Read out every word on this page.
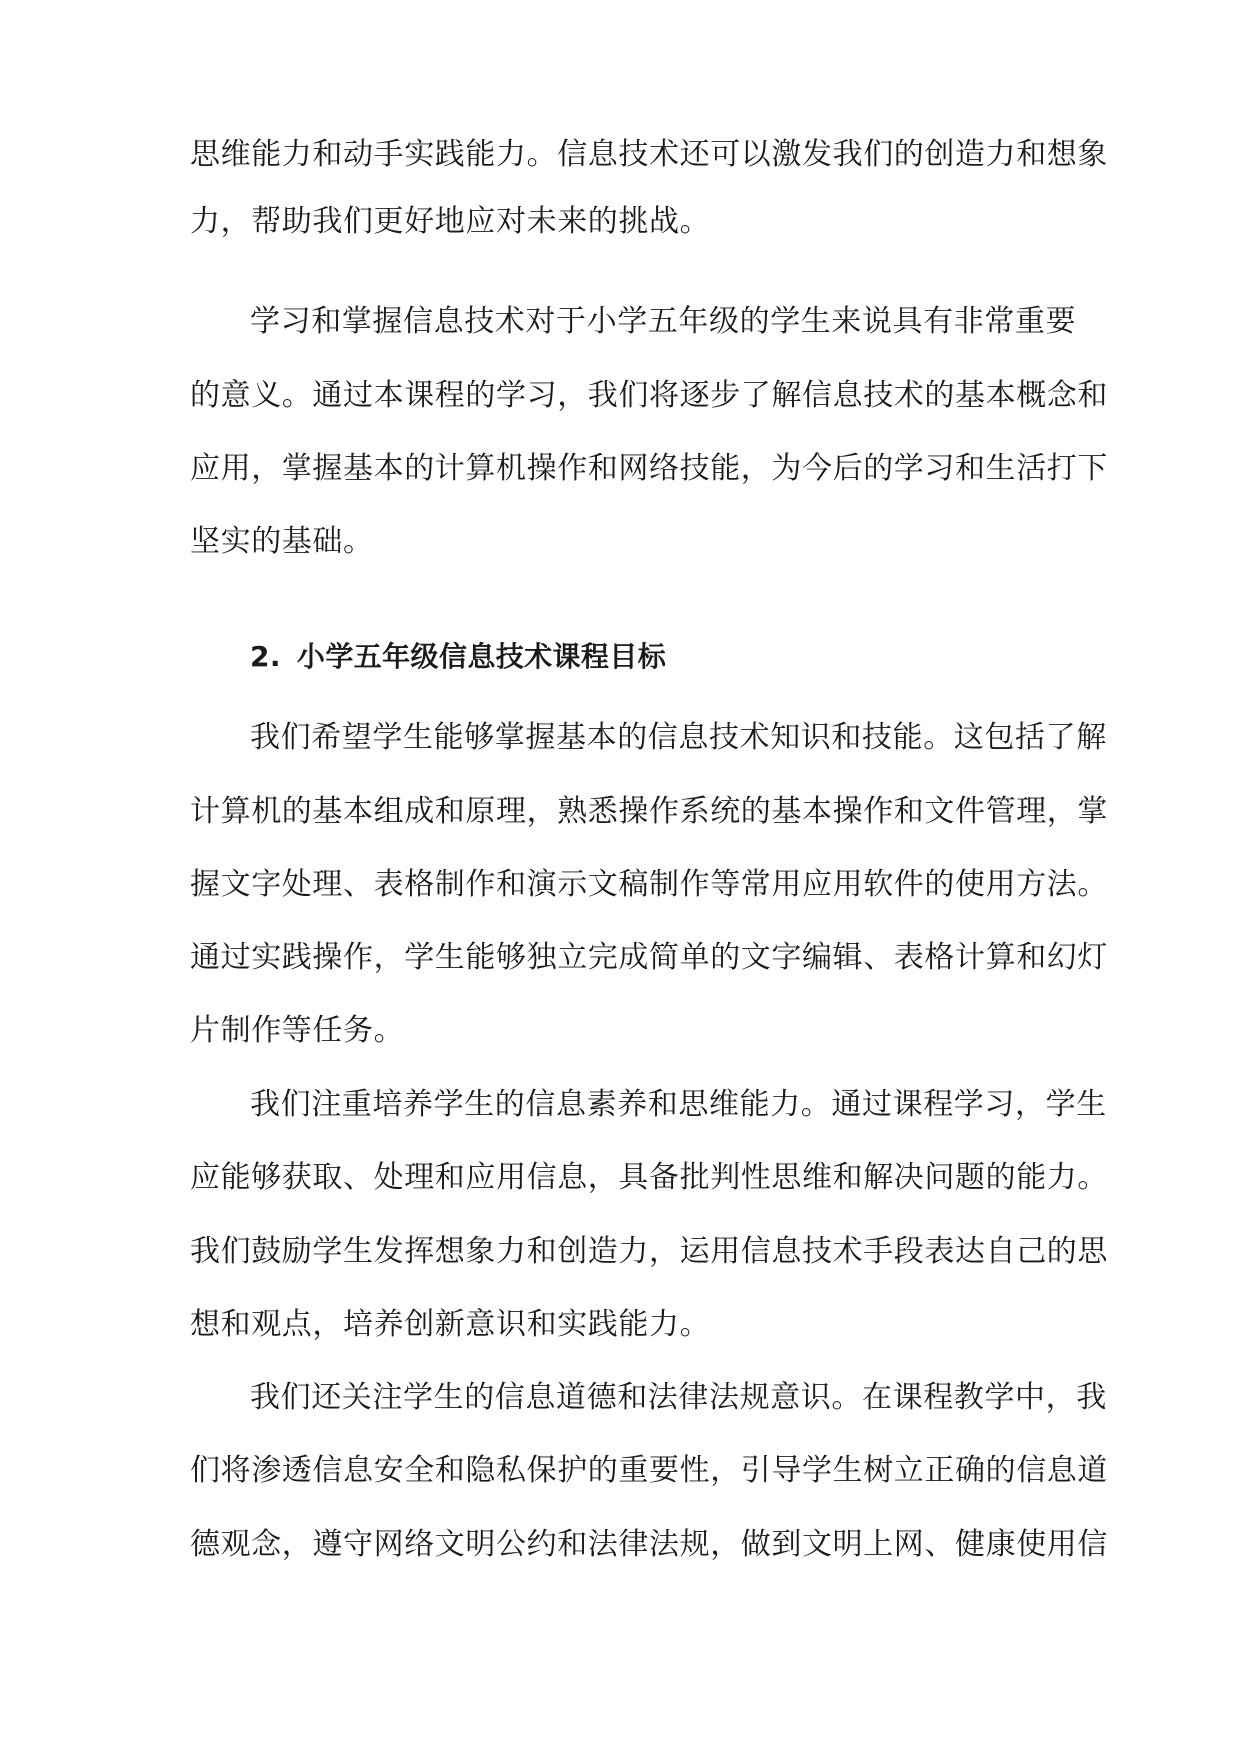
思维能力和动手实践能力。信息技术还可以激发我们的创造力和想象
力，帮助我们更好地应对未来的挑战。
学习和掌握信息技术对于小学五年级的学生来说具有非常重要
的意义。通过本课程的学习，我们将逐步了解信息技术的基本概念和
应用，掌握基本的计算机操作和网络技能，为今后的学习和生活打下
坚实的基础。
2. 小学五年级信息技术课程目标
我们希望学生能够掌握基本的信息技术知识和技能。这包括了解
计算机的基本组成和原理，熟悉操作系统的基本操作和文件管理，掌
握文字处理、表格制作和演示文稿制作等常用应用软件的使用方法。
通过实践操作，学生能够独立完成简单的文字编辑、表格计算和幻灯
片制作等任务。
我们注重培养学生的信息素养和思维能力。通过课程学习，学生
应能够获取、处理和应用信息，具备批判性思维和解决问题的能力。
我们鼓励学生发挥想象力和创造力，运用信息技术手段表达自己的思
想和观点，培养创新意识和实践能力。
我们还关注学生的信息道德和法律法规意识。在课程教学中，我
们将渗透信息安全和隐私保护的重要性，引导学生树立正确的信息道
德观念，遵守网络文明公约和法律法规，做到文明上网、健康使用信
